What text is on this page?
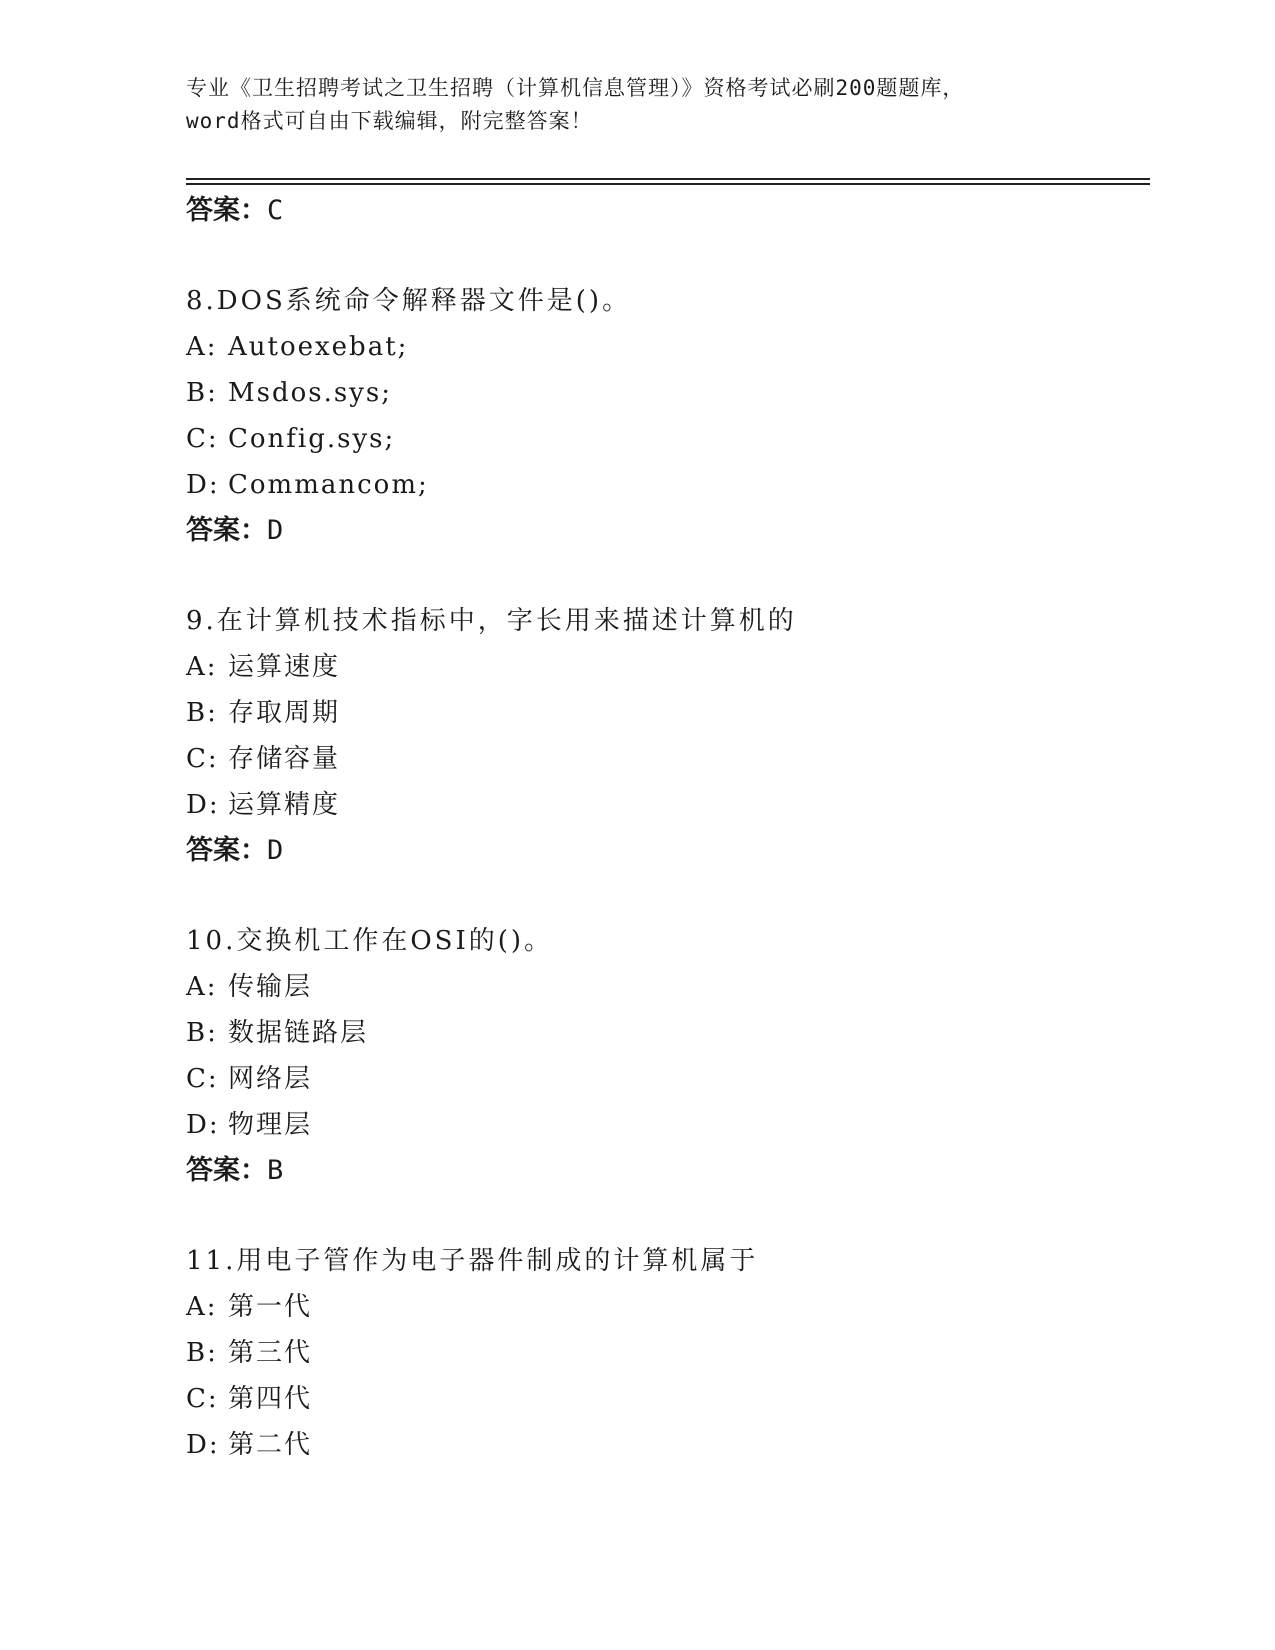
专业《卫生招聘考试之卫生招聘（计算机信息管理）》资格考试必刷200题题库，
word格式可自由下载编辑，附完整答案！
答案：C
8.DOS系统命令解释器文件是()。
A: Autoexebat;
B: Msdos.sys;
C: Config.sys;
D: Commancom;
答案：D
9.在计算机技术指标中，字长用来描述计算机的
A: 运算速度
B: 存取周期
C: 存储容量
D: 运算精度
答案：D
10.交换机工作在OSI的()。
A: 传输层
B: 数据链路层
C: 网络层
D: 物理层
答案：B
11.用电子管作为电子器件制成的计算机属于
A: 第一代
B: 第三代
C: 第四代
D: 第二代
